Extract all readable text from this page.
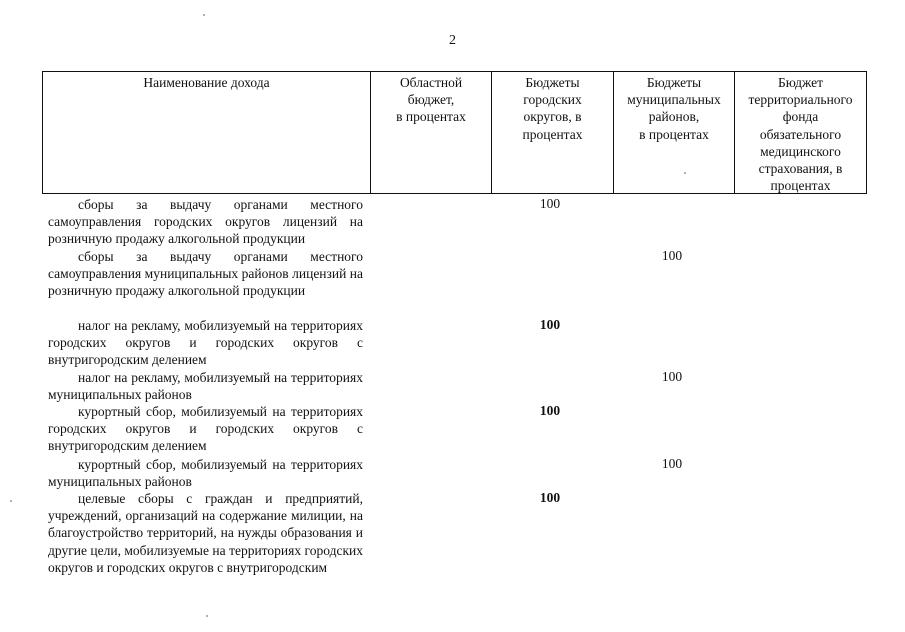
2
Наименование дохода	Областной
бюджет,
в процентах
Бюджеты
городских
округов, в
процентах
Бюджеты
муниципальных
районов,
в процентах
Бюджет
территориального
фонда
обязательного
медицинского
страхования, в
процентах
сборы за выдачу органами местного самоуправления городских округов лицензий на розничную продажу алкогольной продукции
100
сборы за выдачу органами местного самоуправления муниципальных районов лицензий на розничную продажу алкогольной продукции
100
налог на рекламу, мобилизуемый на территориях городских округов и городских округов с внутригородским делением
100
налог на рекламу, мобилизуемый на территориях муниципальных районов
100
курортный сбор, мобилизуемый на территориях городских округов и городских округов с внутригородским делением
100
курортный сбор, мобилизуемый на территориях муниципальных районов
100
целевые сборы с граждан и предприятий, учреждений, организаций на содержание милиции, на благоустройство территорий, на нужды образования и другие цели, мобилизуемые на территориях городских округов и городских округов с внутригородским
100
